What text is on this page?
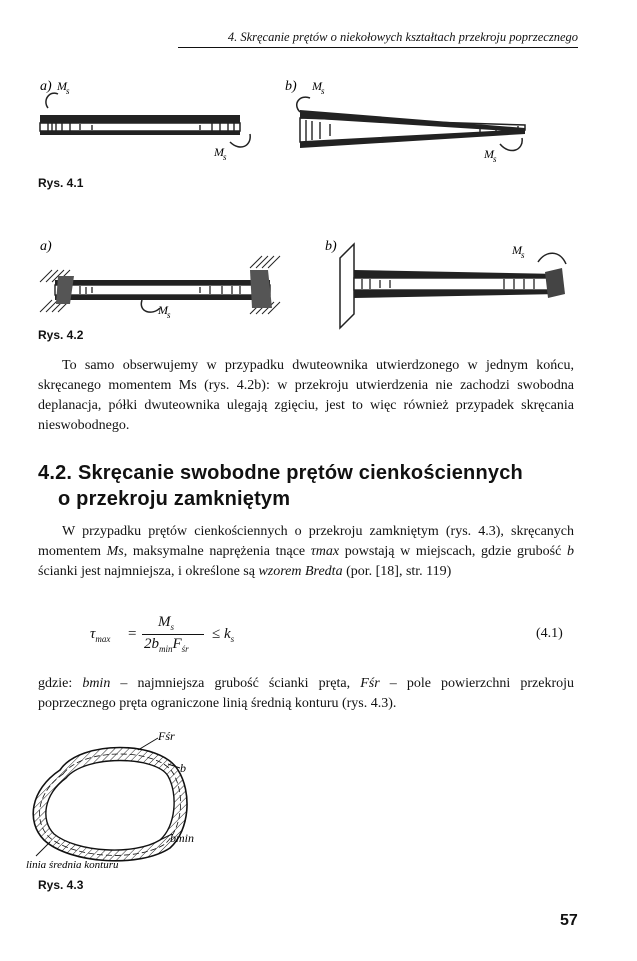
4. Skręcanie prętów o niekołowych kształtach przekroju poprzecznego
a) M s
M s
b) M s
M s
Rys. 4.1
a)
M s
b)	M s
Rys. 4.2

To samo obserwujemy w przypadku dwuteownika utwierdzonego w jednym końcu, skręcanego momentem Ms (rys. 4.2b): w przekroju utwierdzenia nie zachodzi swobodna deplanacja, półki dwuteownika ulegają zgięciu, jest to więc również przypadek skręcania nieswobodnego.

4.2. Skręcanie swobodne prętów cienkościennych
o przekroju zamkniętym

W przypadku prętów cienkościennych o przekroju zamkniętym (rys. 4.3), skręcanych momentem Ms, maksymalne naprężenia tnące τmax powstają w miejscach, gdzie grubość b ścianki jest najmniejsza, i określone są wzorem Bredta (por. [18], str. 119)

$\tau_{max}$ =
$M_s$
$2b_{min}F_{śr}$
≤ $k_s$	(4.1)

gdzie: bmin – najmniejsza grubość ścianki pręta, Fśr – pole powierzchni przekroju poprzecznego pręta ograniczone linią średnią konturu (rys. 4.3).

Fśr
b
bmin
linia średnia konturu
Rys. 4.3
57
